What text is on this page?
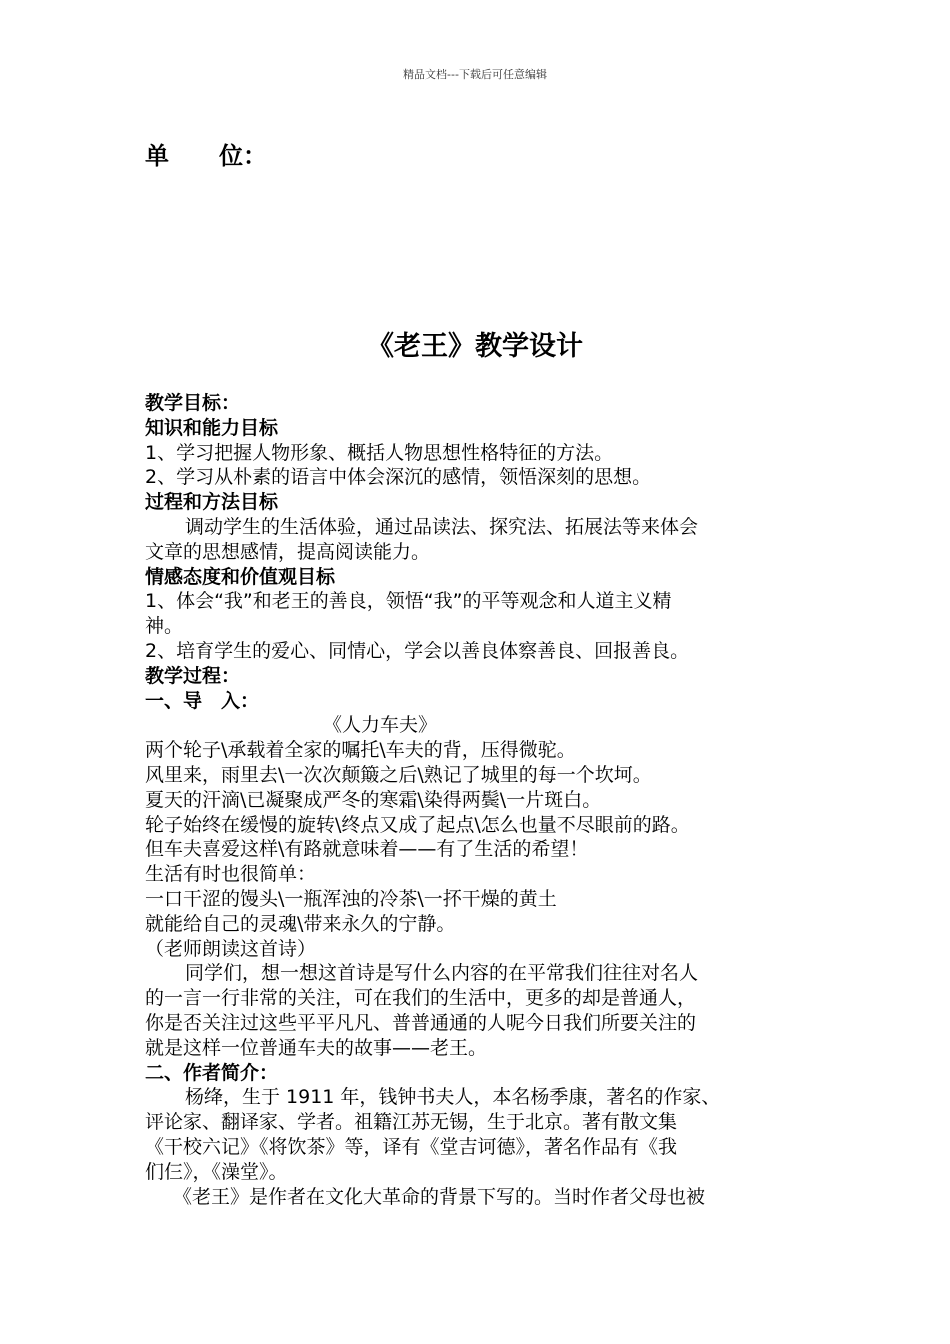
精品文档---下载后可任意编辑
单 位：
《老王》教学设计
教学目标：
知识和能力目标
1、学习把握人物形象、概括人物思想性格特征的方法。
2、学习从朴素的语言中体会深沉的感情，领悟深刻的思想。
过程和方法目标
调动学生的生活体验，通过品读法、探究法、拓展法等来体会
文章的思想感情，提高阅读能力。
情感态度和价值观目标
1、体会“我”和老王的善良，领悟“我”的平等观念和人道主义精
神。
2、培育学生的爱心、同情心，学会以善良体察善良、回报善良。
教学过程：
一、导　入：
《人力车夫》
两个轮子\承载着全家的嘱托\车夫的背，压得微驼。
风里来，雨里去\一次次颠簸之后\熟记了城里的每一个坎坷。
夏天的汗滴\已凝聚成严冬的寒霜\染得两鬓\一片斑白。
轮子始终在缓慢的旋转\终点又成了起点\怎么也量不尽眼前的路。
但车夫喜爱这样\有路就意味着——有了生活的希望！
生活有时也很简单：
一口干涩的馒头\一瓶浑浊的冷茶\一抔干燥的黄土
就能给自己的灵魂\带来永久的宁静。
（老师朗读这首诗）
同学们，想一想这首诗是写什么内容的在平常我们往往对名人
的一言一行非常的关注，可在我们的生活中，更多的却是普通人，
你是否关注过这些平平凡凡、普普通通的人呢今日我们所要关注的
就是这样一位普通车夫的故事——老王。
二、作者简介：
杨绛，生于 1911 年，钱钟书夫人，本名杨季康，著名的作家、
评论家、翻译家、学者。祖籍江苏无锡，生于北京。著有散文集
《干校六记》《将饮茶》等，译有《堂吉诃德》，著名作品有《我
们仨》，《澡堂》。
《老王》是作者在文化大革命的背景下写的。当时作者父母也被
